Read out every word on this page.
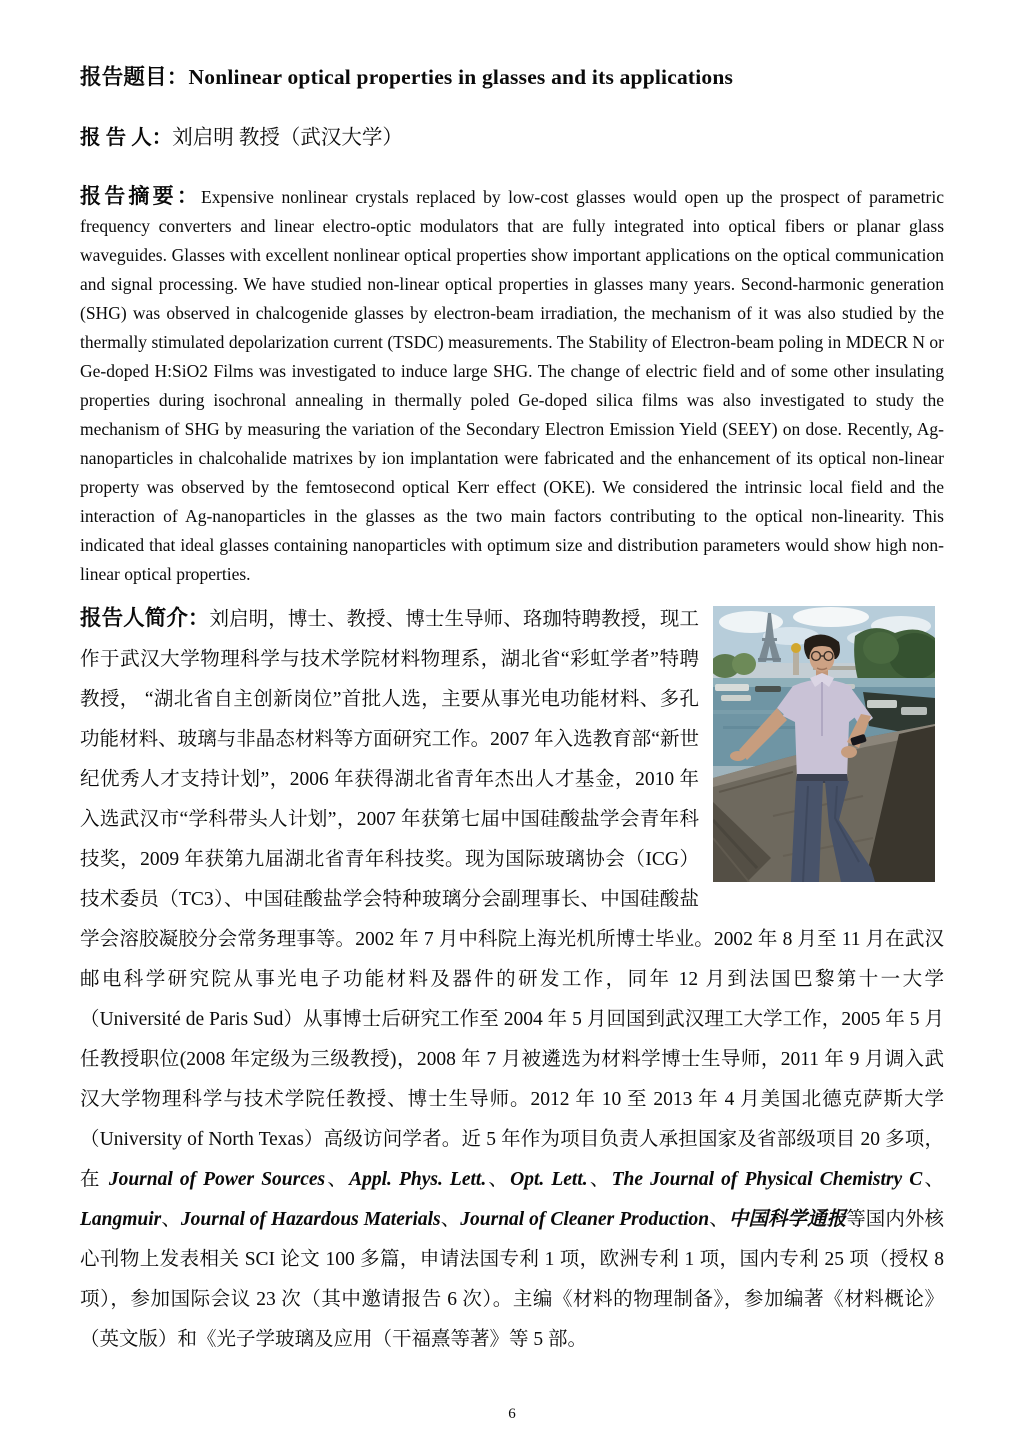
报告题目：Nonlinear optical properties in glasses and its applications
报 告 人：刘启明 教授（武汉大学）
报告摘要：Expensive nonlinear crystals replaced by low-cost glasses would open up the prospect of parametric frequency converters and linear electro-optic modulators that are fully integrated into optical fibers or planar glass waveguides. Glasses with excellent nonlinear optical properties show important applications on the optical communication and signal processing. We have studied non-linear optical properties in glasses many years. Second-harmonic generation (SHG) was observed in chalcogenide glasses by electron-beam irradiation, the mechanism of it was also studied by the thermally stimulated depolarization current (TSDC) measurements. The Stability of Electron-beam poling in MDECR N or Ge-doped H:SiO2 Films was investigated to induce large SHG. The change of electric field and of some other insulating properties during isochronal annealing in thermally poled Ge-doped silica films was also investigated to study the mechanism of SHG by measuring the variation of the Secondary Electron Emission Yield (SEEY) on dose. Recently, Ag-nanoparticles in chalcohalide matrixes by ion implantation were fabricated and the enhancement of its optical non-linear property was observed by the femtosecond optical Kerr effect (OKE). We considered the intrinsic local field and the interaction of Ag-nanoparticles in the glasses as the two main factors contributing to the optical non-linearity. This indicated that ideal glasses containing nanoparticles with optimum size and distribution parameters would show high non-linear optical properties.
报告人简介：刘启明，博士、教授、博士生导师、珞珈特聘教授，现工作于武汉大学物理科学与技术学院材料物理系，湖北省“彩虹学者”特聘教授， “湖北省自主创新岗位”首批人选，主要从事光电功能材料、多孔功能材料、玻璃与非晶态材料等方面研究工作。2007 年入选教育部“新世纪优秀人才支持计划”，2006 年获得湖北省青年杰出人才基金，2010 年入选武汉市“学科带头人计划”，2007 年获第七届中国硅酸盐学会青年科技奖，2009 年获第九届湖北省青年科技奖。现为国际玻璃协会（ICG）技术委员（TC3）、中国硅酸盐学会特种玻璃分会副理事长、中国硅酸盐学会溶胶凝胶分会常务理事等。2002 年 7 月中科院上海光机所博士毕业。2002 年 8 月至 11 月在武汉邮电科学研究院从事光电子功能材料及器件的研发工作，同年 12 月到法国巴黎第十一大学（Université de Paris Sud）从事博士后研究工作至 2004 年 5 月回国到武汉理工大学工作，2005 年 5 月任教授职位(2008 年定级为三级教授)，2008 年 7 月被遴选为材料学博士生导师，2011 年 9 月调入武汉大学物理科学与技术学院任教授、博士生导师。2012 年 10 至 2013 年 4 月美国北德克萨斯大学（University of North Texas）高级访问学者。近 5 年作为项目负责人承担国家及省部级项目 20 多项，在 Journal of Power Sources、Appl. Phys. Lett.、Opt. Lett.、The Journal of Physical Chemistry C、 Langmuir、Journal of Hazardous Materials、Journal of Cleaner Production、中国科学通报等国内外核心刊物上发表相关 SCI 论文 100 多篇，申请法国专利 1 项，欧洲专利 1 项，国内专利 25 项（授权 8 项），参加国际会议 23 次（其中邀请报告 6 次）。主编《材料的物理制备》，参加编著《材料概论》（英文版）和《光子学玻璃及应用（干福熹等著》等 5 部。
6
